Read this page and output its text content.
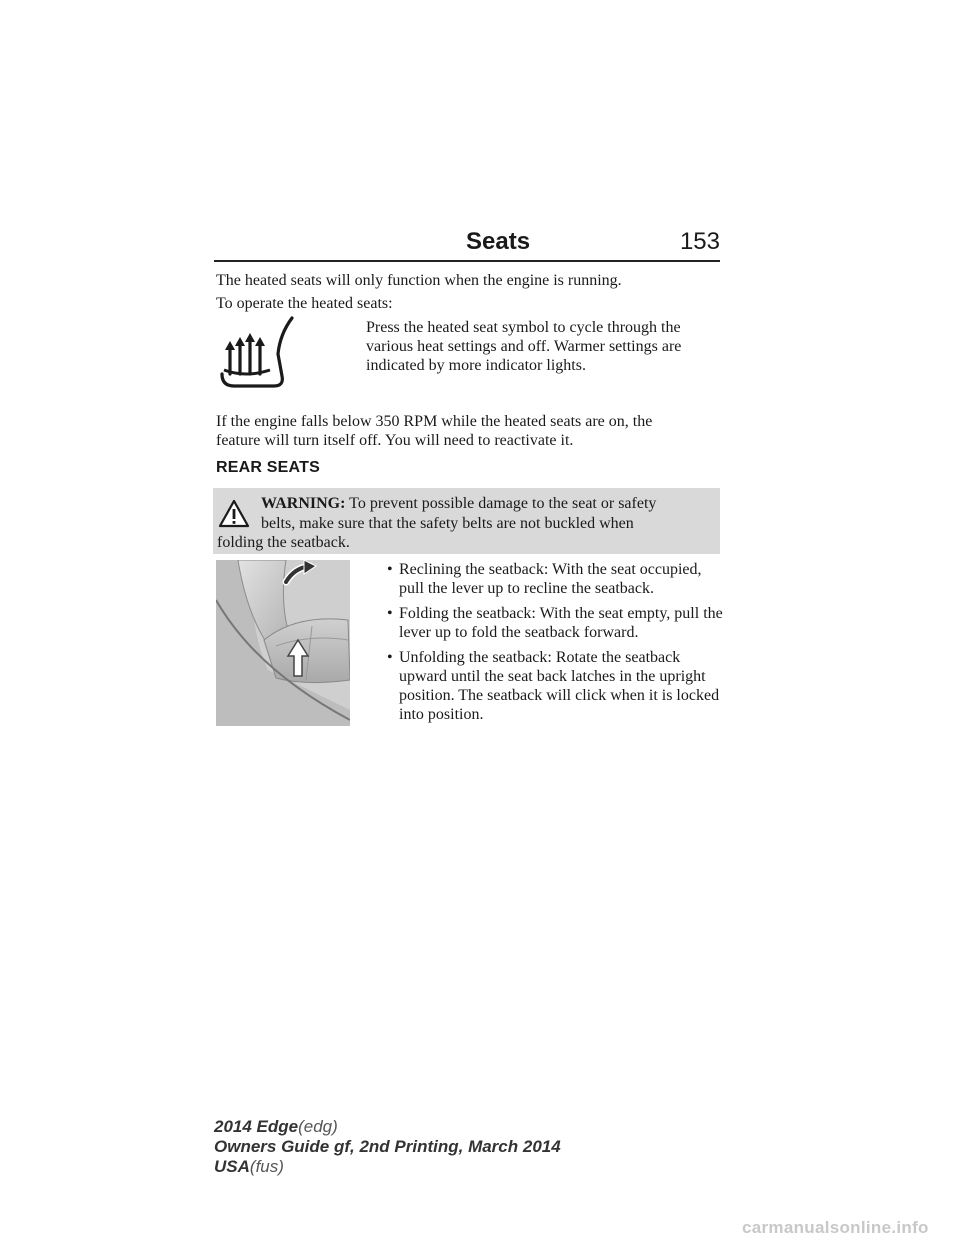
Seats	153
The heated seats will only function when the engine is running.
To operate the heated seats:
Press the heated seat symbol to cycle through the various heat settings and off. Warmer settings are indicated by more indicator lights.
If the engine falls below 350 RPM while the heated seats are on, the
feature will turn itself off. You will need to reactivate it.
REAR SEATS
WARNING: To prevent possible damage to the seat or safety
belts, make sure that the safety belts are not buckled when
folding the seatback.
• Reclining the seatback: With the seat occupied, pull the lever up to recline the seatback.
• Folding the seatback: With the seat empty, pull the lever up to fold the seatback forward.
• Unfolding the seatback: Rotate the seatback upward until the seat back latches in the upright position. The seatback will click when it is locked into position.
2014 Edge(edg)
Owners Guide gf, 2nd Printing, March 2014
USA(fus)
carmanualsonline.info
